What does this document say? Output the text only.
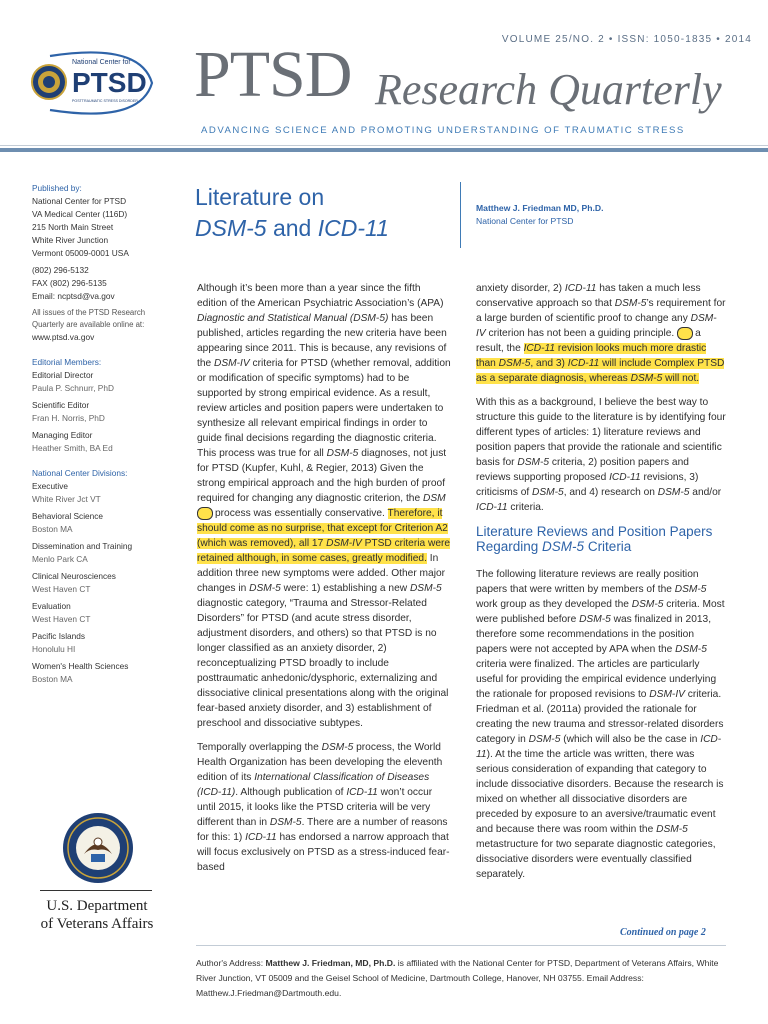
VOLUME 25/NO. 2 • ISSN: 1050-1835 • 2014
National Center for
PTSD
POSTTRAUMATIC STRESS DISORDER PTSD Research Quarterly
ADVANCING SCIENCE AND PROMOTING UNDERSTANDING OF TRAUMATIC STRESS
Published by:
National Center for PTSD
VA Medical Center (116D)
215 North Main Street
White River Junction
Vermont 05009-0001 USA
(802) 296-5132
FAX (802) 296-5135
Email: ncptsd@va.gov
All issues of the PTSD Research Quarterly are available online at:
www.ptsd.va.gov
Editorial Members:
Editorial Director
Paula P. Schnurr, PhD
Scientific Editor
Fran H. Norris, PhD
Managing Editor
Heather Smith, BA Ed
National Center Divisions:
Executive
White River Jct VT
Behavioral Science
Boston MA
Dissemination and Training
Menlo Park CA
Clinical Neurosciences
West Haven CT
Evaluation
West Haven CT
Pacific Islands
Honolulu HI
Women's Health Sciences
Boston MA
U.S. Department
of Veterans Affairs
Literature on
DSM-5 and ICD-11
Matthew J. Friedman MD, Ph.D.
National Center for PTSD

Although it’s been more than a year since the fifth edition of the American Psychiatric Association’s (APA) Diagnostic and Statistical Manual (DSM-5) has been published, articles regarding the new criteria have been appearing since 2011. This is because, any revisions of the DSM-IV criteria for PTSD (whether removal, addition or modification of specific symptoms) had to be supported by strong empirical evidence. As a result, review articles and position papers were undertaken to synthesize all relevant empirical findings in order to guide final decisions regarding the diagnostic criteria. This process was true for all DSM-5 diagnoses, not just for PTSD (Kupfer, Kuhl, & Regier, 2013) Given the strong empirical approach and the high burden of proof required for changing any diagnostic criterion, the DSMprocess was essentially conservative. Therefore, it should come as no surprise, that except for Criterion A2 (which was removed), all 17 DSM-IV PTSD criteria were retained although, in some cases, greatly modified. In addition three new symptoms were added. Other major changes in DSM-5 were: 1) establishing a new DSM-5 diagnostic category, “Trauma and Stressor-Related Disorders” for PTSD (and acute stress disorder, adjustment disorders, and others) so that PTSD is no longer classified as an anxiety disorder, 2) reconceptualizing PTSD broadly to include posttraumatic anhedonic/dysphoric, externalizing and dissociative clinical presentations along with the original fear-based anxiety disorder, and 3) establishment of preschool and dissociative subtypes.

Temporally overlapping the DSM-5 process, the World Health Organization has been developing the eleventh edition of its International Classification of Diseases (ICD-11). Although publication of ICD-11 won’t occur until 2015, it looks like the PTSD criteria will be very different than in DSM-5. There are a number of reasons for this: 1) ICD-11 has endorsed a narrow approach that will focus exclusively on PTSD as a stress-induced fear-based

anxiety disorder, 2) ICD-11 has taken a much less conservative approach so that DSM-5’s requirement for a large burden of scientific proof to change any DSM-IV criterion has not been a guiding principle. a result, the ICD-11 revision looks much more drastic than DSM-5, and 3) ICD-11 will include Complex PTSD as a separate diagnosis, whereas DSM-5 will not.

With this as a background, I believe the best way to structure this guide to the literature is by identifying four different types of articles: 1) literature reviews and position papers that provide the rationale and scientific basis for DSM-5 criteria, 2) position papers and reviews supporting proposed ICD-11 revisions, 3) criticisms of DSM-5, and 4) research on DSM-5 and/or ICD-11 criteria.

Literature Reviews and Position Papers
Regarding DSM-5 Criteria

The following literature reviews are really position papers that were written by members of the DSM-5 work group as they developed the DSM-5 criteria. Most were published before DSM-5 was finalized in 2013, therefore some recommendations in the position papers were not accepted by APA when the DSM-5 criteria were finalized. The articles are particularly useful for providing the empirical evidence underlying the rationale for proposed revisions to DSM-IV criteria. Friedman et al. (2011a) provided the rationale for creating the new trauma and stressor-related disorders category in DSM-5 (which will also be the case in ICD-11). At the time the article was written, there was serious consideration of expanding that category to include dissociative disorders. Because the research is mixed on whether all dissociative disorders are preceded by exposure to an aversive/traumatic event and because there was room within the DSM-5 metastructure for two separate diagnostic categories, dissociative disorders were eventually classified separately.

Continued on page 2
Author's Address: Matthew J. Friedman, MD, Ph.D. is affiliated with the National Center for PTSD, Department of Veterans Affairs, White River Junction, VT 05009 and the Geisel School of Medicine, Dartmouth College, Hanover, NH 03755. Email Address: Matthew.J.Friedman@Dartmouth.edu.
